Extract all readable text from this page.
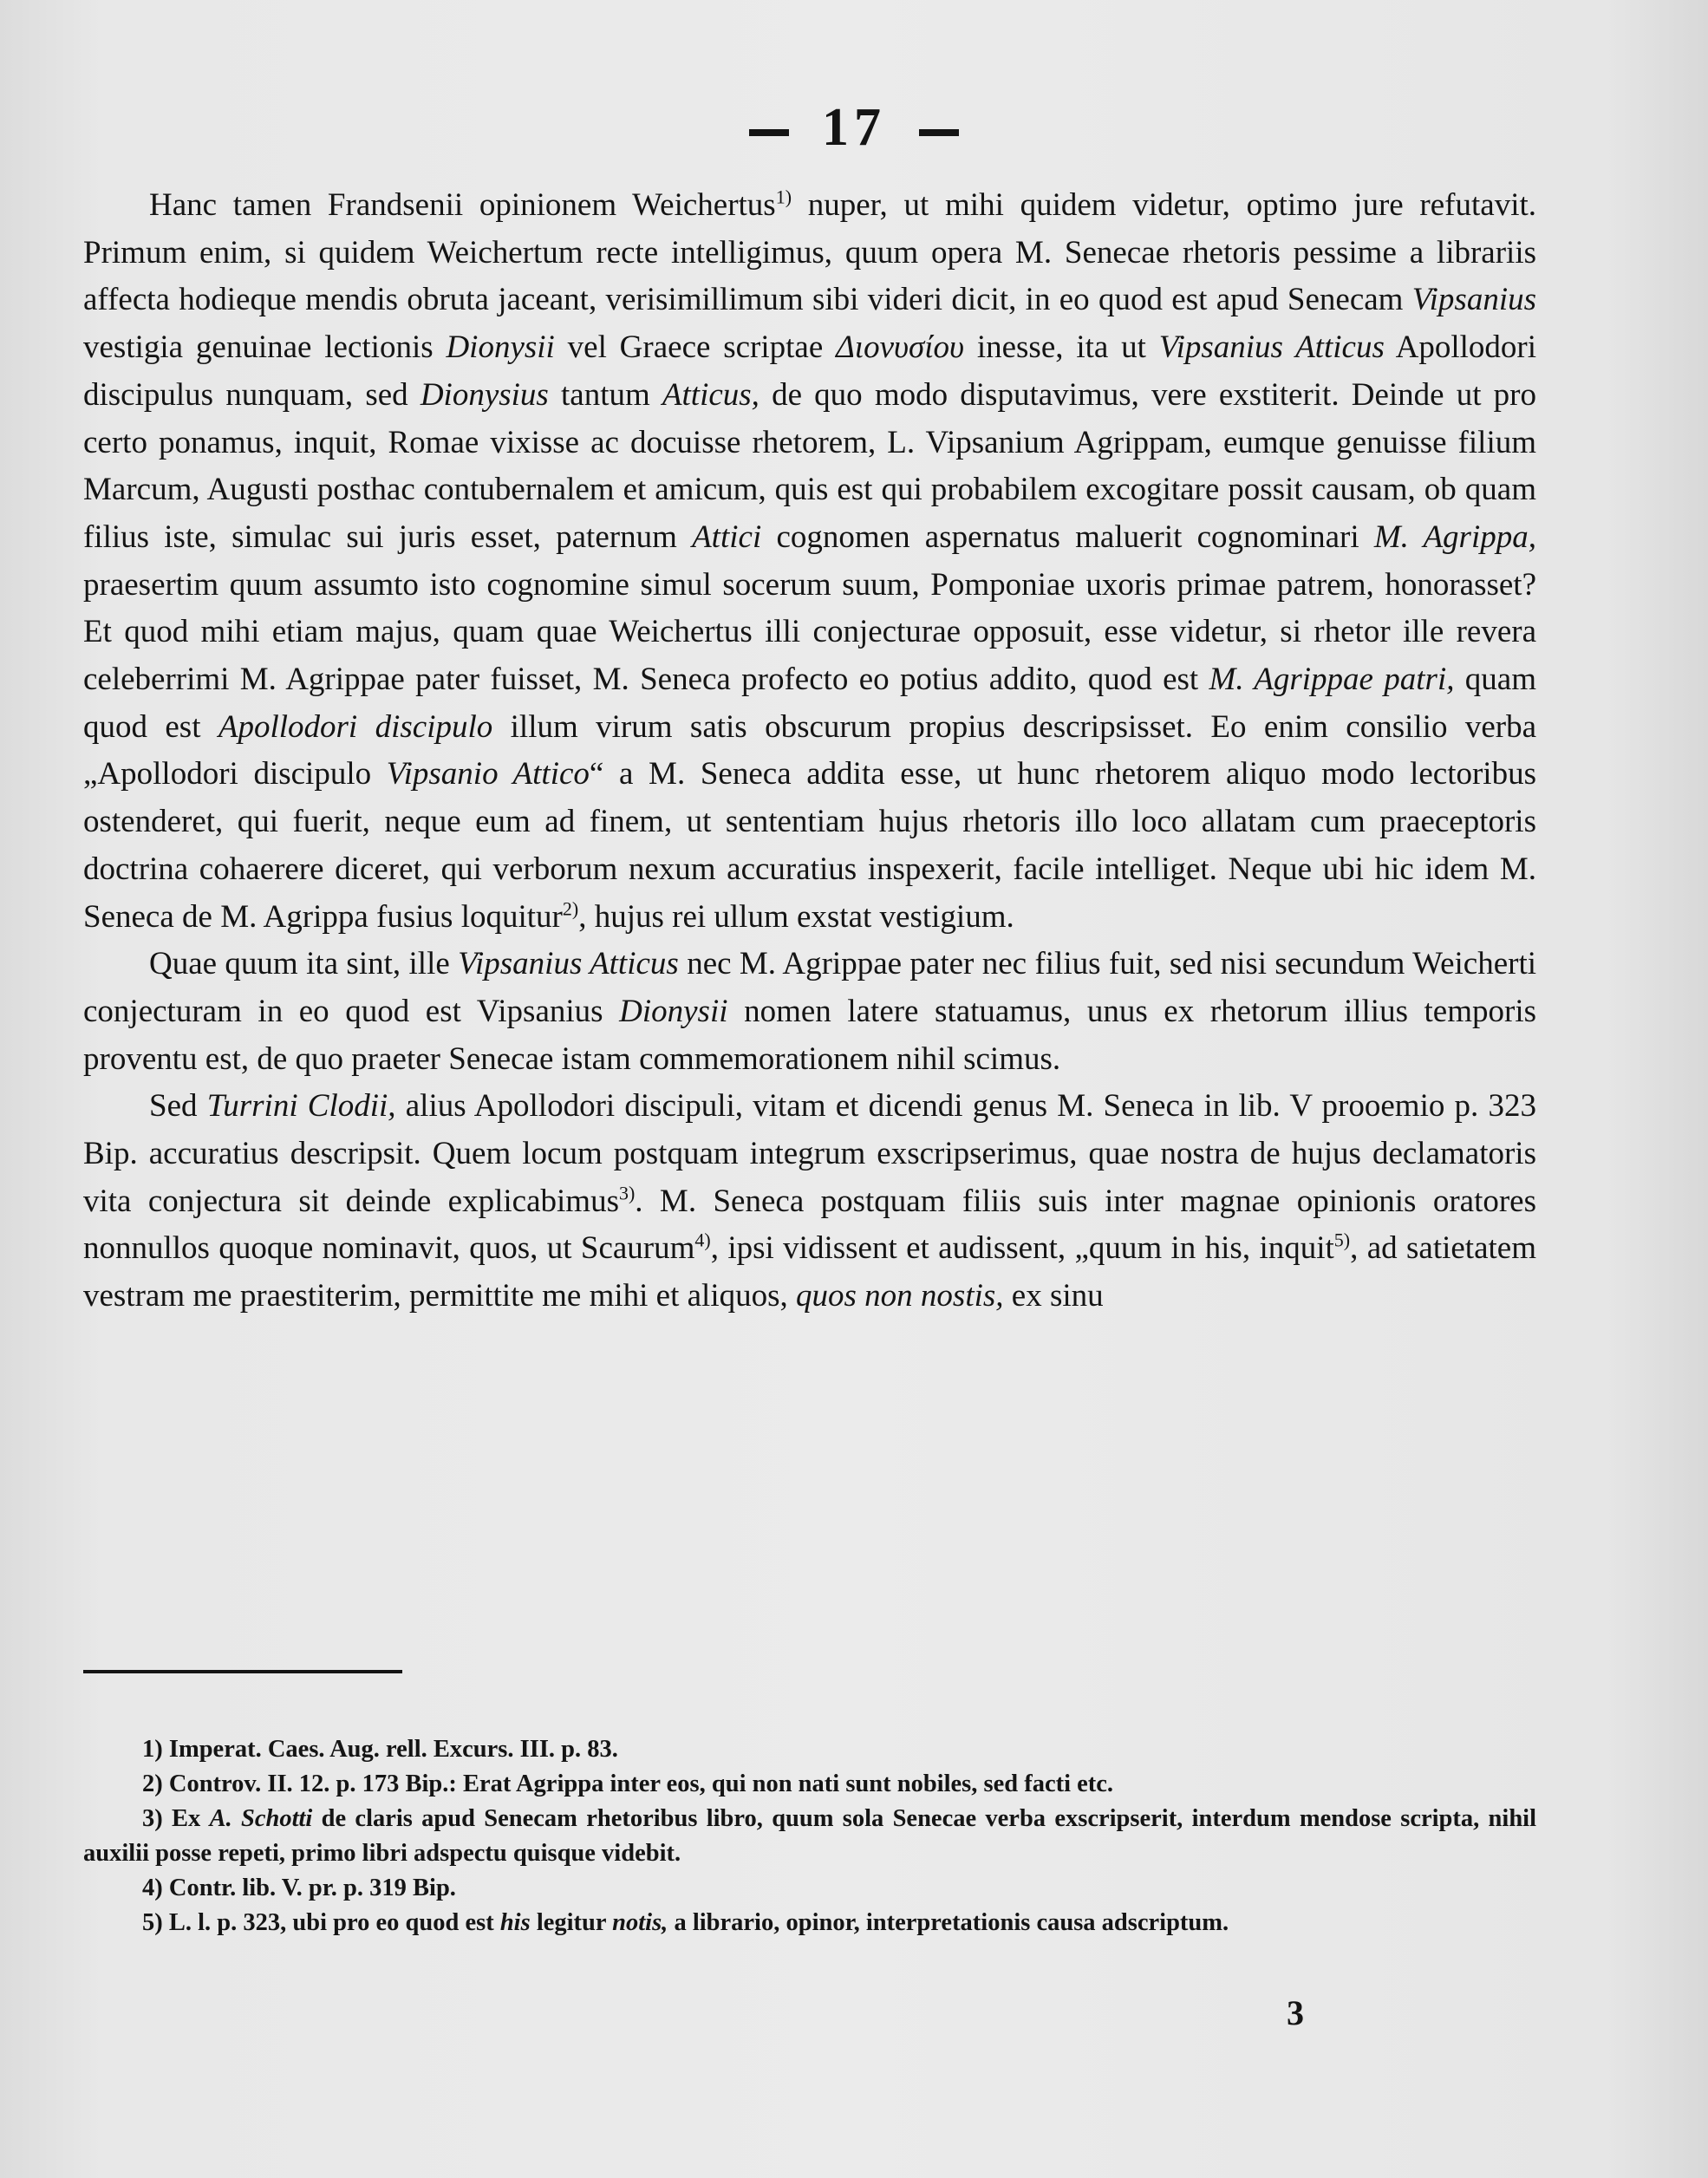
17

Hanc tamen Frandsenii opinionem Weichertus$^{1)}$ nuper, ut mihi quidem videtur, optimo jure refutavit. Primum enim, si quidem Weichertum recte intelligimus, quum opera M. Senecae rhetoris pessime a librariis affecta hodieque mendis obruta jaceant, verisimillimum sibi videri dicit, in eo quod est apud Senecam Vipsanius vestigia genuinae lectionis Dionysii vel Graece scriptae Διονυσίου inesse, ita ut Vipsanius Atticus Apollodori discipulus nunquam, sed Dionysius tantum Atticus, de quo modo disputavimus, vere exstiterit. Deinde ut pro certo ponamus, inquit, Romae vixisse ac docuisse rhetorem, L. Vipsanium Agrippam, eumque genuisse filium Marcum, Augusti posthac contubernalem et amicum, quis est qui probabilem excogitare possit causam, ob quam filius iste, simulac sui juris esset, paternum Attici cognomen aspernatus maluerit cognominari M. Agrippa, praesertim quum assumto isto cognomine simul socerum suum, Pomponiae uxoris primae patrem, honorasset? Et quod mihi etiam majus, quam quae Weichertus illi conjecturae opposuit, esse videtur, si rhetor ille revera celeberrimi M. Agrippae pater fuisset, M. Seneca profecto eo potius addito, quod est M. Agrippae patri, quam quod est Apollodori discipulo illum virum satis obscurum propius descripsisset. Eo enim consilio verba „Apollodori discipulo Vipsanio Attico“ a M. Seneca addita esse, ut hunc rhetorem aliquo modo lectoribus ostenderet, qui fuerit, neque eum ad finem, ut sententiam hujus rhetoris illo loco allatam cum praeceptoris doctrina cohaerere diceret, qui verborum nexum accuratius inspexerit, facile intelliget. Neque ubi hic idem M. Seneca de M. Agrippa fusius loquitur$^{2)}$, hujus rei ullum exstat vestigium.

Quae quum ita sint, ille Vipsanius Atticus nec M. Agrippae pater nec filius fuit, sed nisi secundum Weicherti conjecturam in eo quod est Vipsanius Dionysii nomen latere statuamus, unus ex rhetorum illius temporis proventu est, de quo praeter Senecae istam commemorationem nihil scimus.

Sed Turrini Clodii, alius Apollodori discipuli, vitam et dicendi genus M. Seneca in lib. V prooemio p. 323 Bip. accuratius descripsit. Quem locum postquam integrum exscripserimus, quae nostra de hujus declamatoris vita conjectura sit deinde explicabimus$^{3)}$. M. Seneca postquam filiis suis inter magnae opinionis oratores nonnullos quoque nominavit, quos, ut Scaurum$^{4)}$, ipsi vidissent et audissent, „quum in his, inquit$^{5)}$, ad satietatem vestram me praestiterim, permittite me mihi et aliquos, quos non nostis, ex sinu

1) Imperat. Caes. Aug. rell. Excurs. III. p. 83.

2) Controv. II. 12. p. 173 Bip.: Erat Agrippa inter eos, qui non nati sunt nobiles, sed facti etc.

3) Ex A. Schotti de claris apud Senecam rhetoribus libro, quum sola Senecae verba exscripserit, interdum mendose scripta, nihil auxilii posse repeti, primo libri adspectu quisque videbit.

4) Contr. lib. V. pr. p. 319 Bip.

5) L. l. p. 323, ubi pro eo quod est his legitur notis, a librario, opinor, interpretationis causa adscriptum.

3
